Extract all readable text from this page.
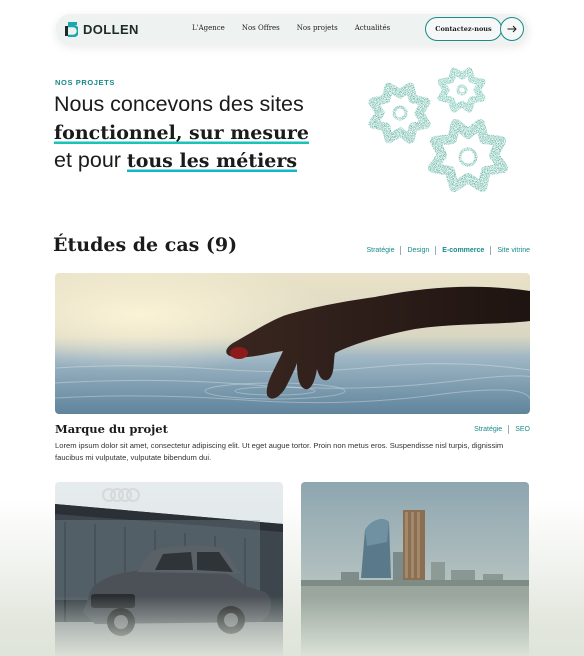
DOLLEN	L'Agence Nos Offres Nos projets Actualités	Contactez-nous
NOS PROJETS
Nous concevons des sites
fonctionnel, sur mesure
et pour tous les métiers
Études de cas (9)	Stratégie Design E-commerce Site vitrine
Marque du projet	Stratégie SEO
Lorem ipsum dolor sit amet, consectetur adipiscing elit. Ut eget augue tortor. Proin non metus eros. Suspendisse nisl turpis, dignissim faucibus mi vulputate, vulputate bibendum dui.
